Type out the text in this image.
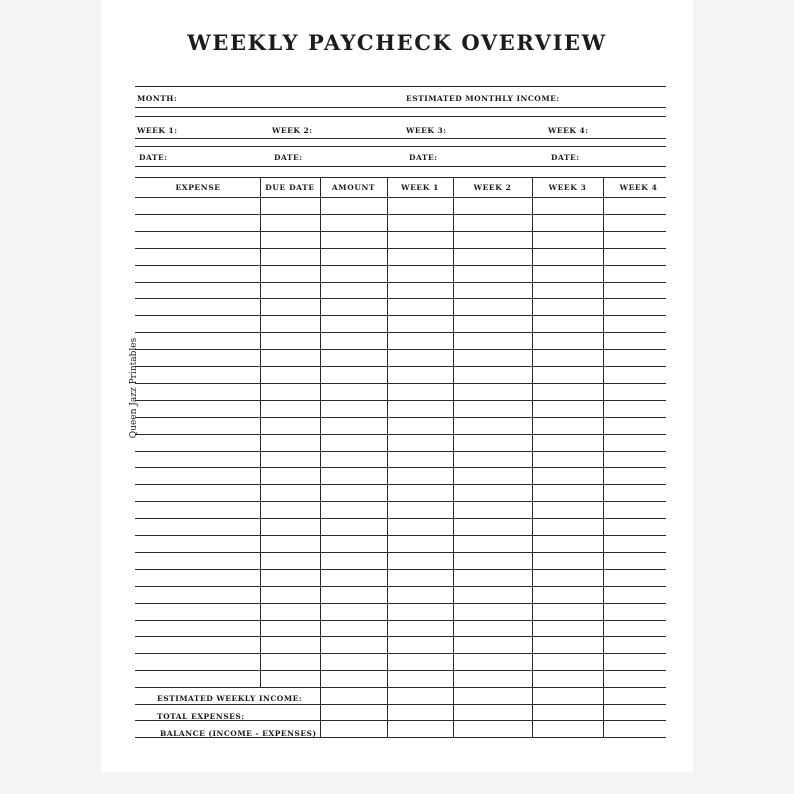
WEEKLY PAYCHECK OVERVIEW
MONTH:	ESTIMATED MONTHLY INCOME:
WEEK 1:	WEEK 2:	WEEK 3:	WEEK 4:
DATE:	DATE:	DATE:	DATE:
EXPENSE	DUE DATE	AMOUNT	WEEK 1	WEEK 2	WEEK 3	WEEK 4
ESTIMATED WEEKLY INCOME:
TOTAL EXPENSES:
BALANCE (INCOME - EXPENSES)
Queen Jazz Printables
